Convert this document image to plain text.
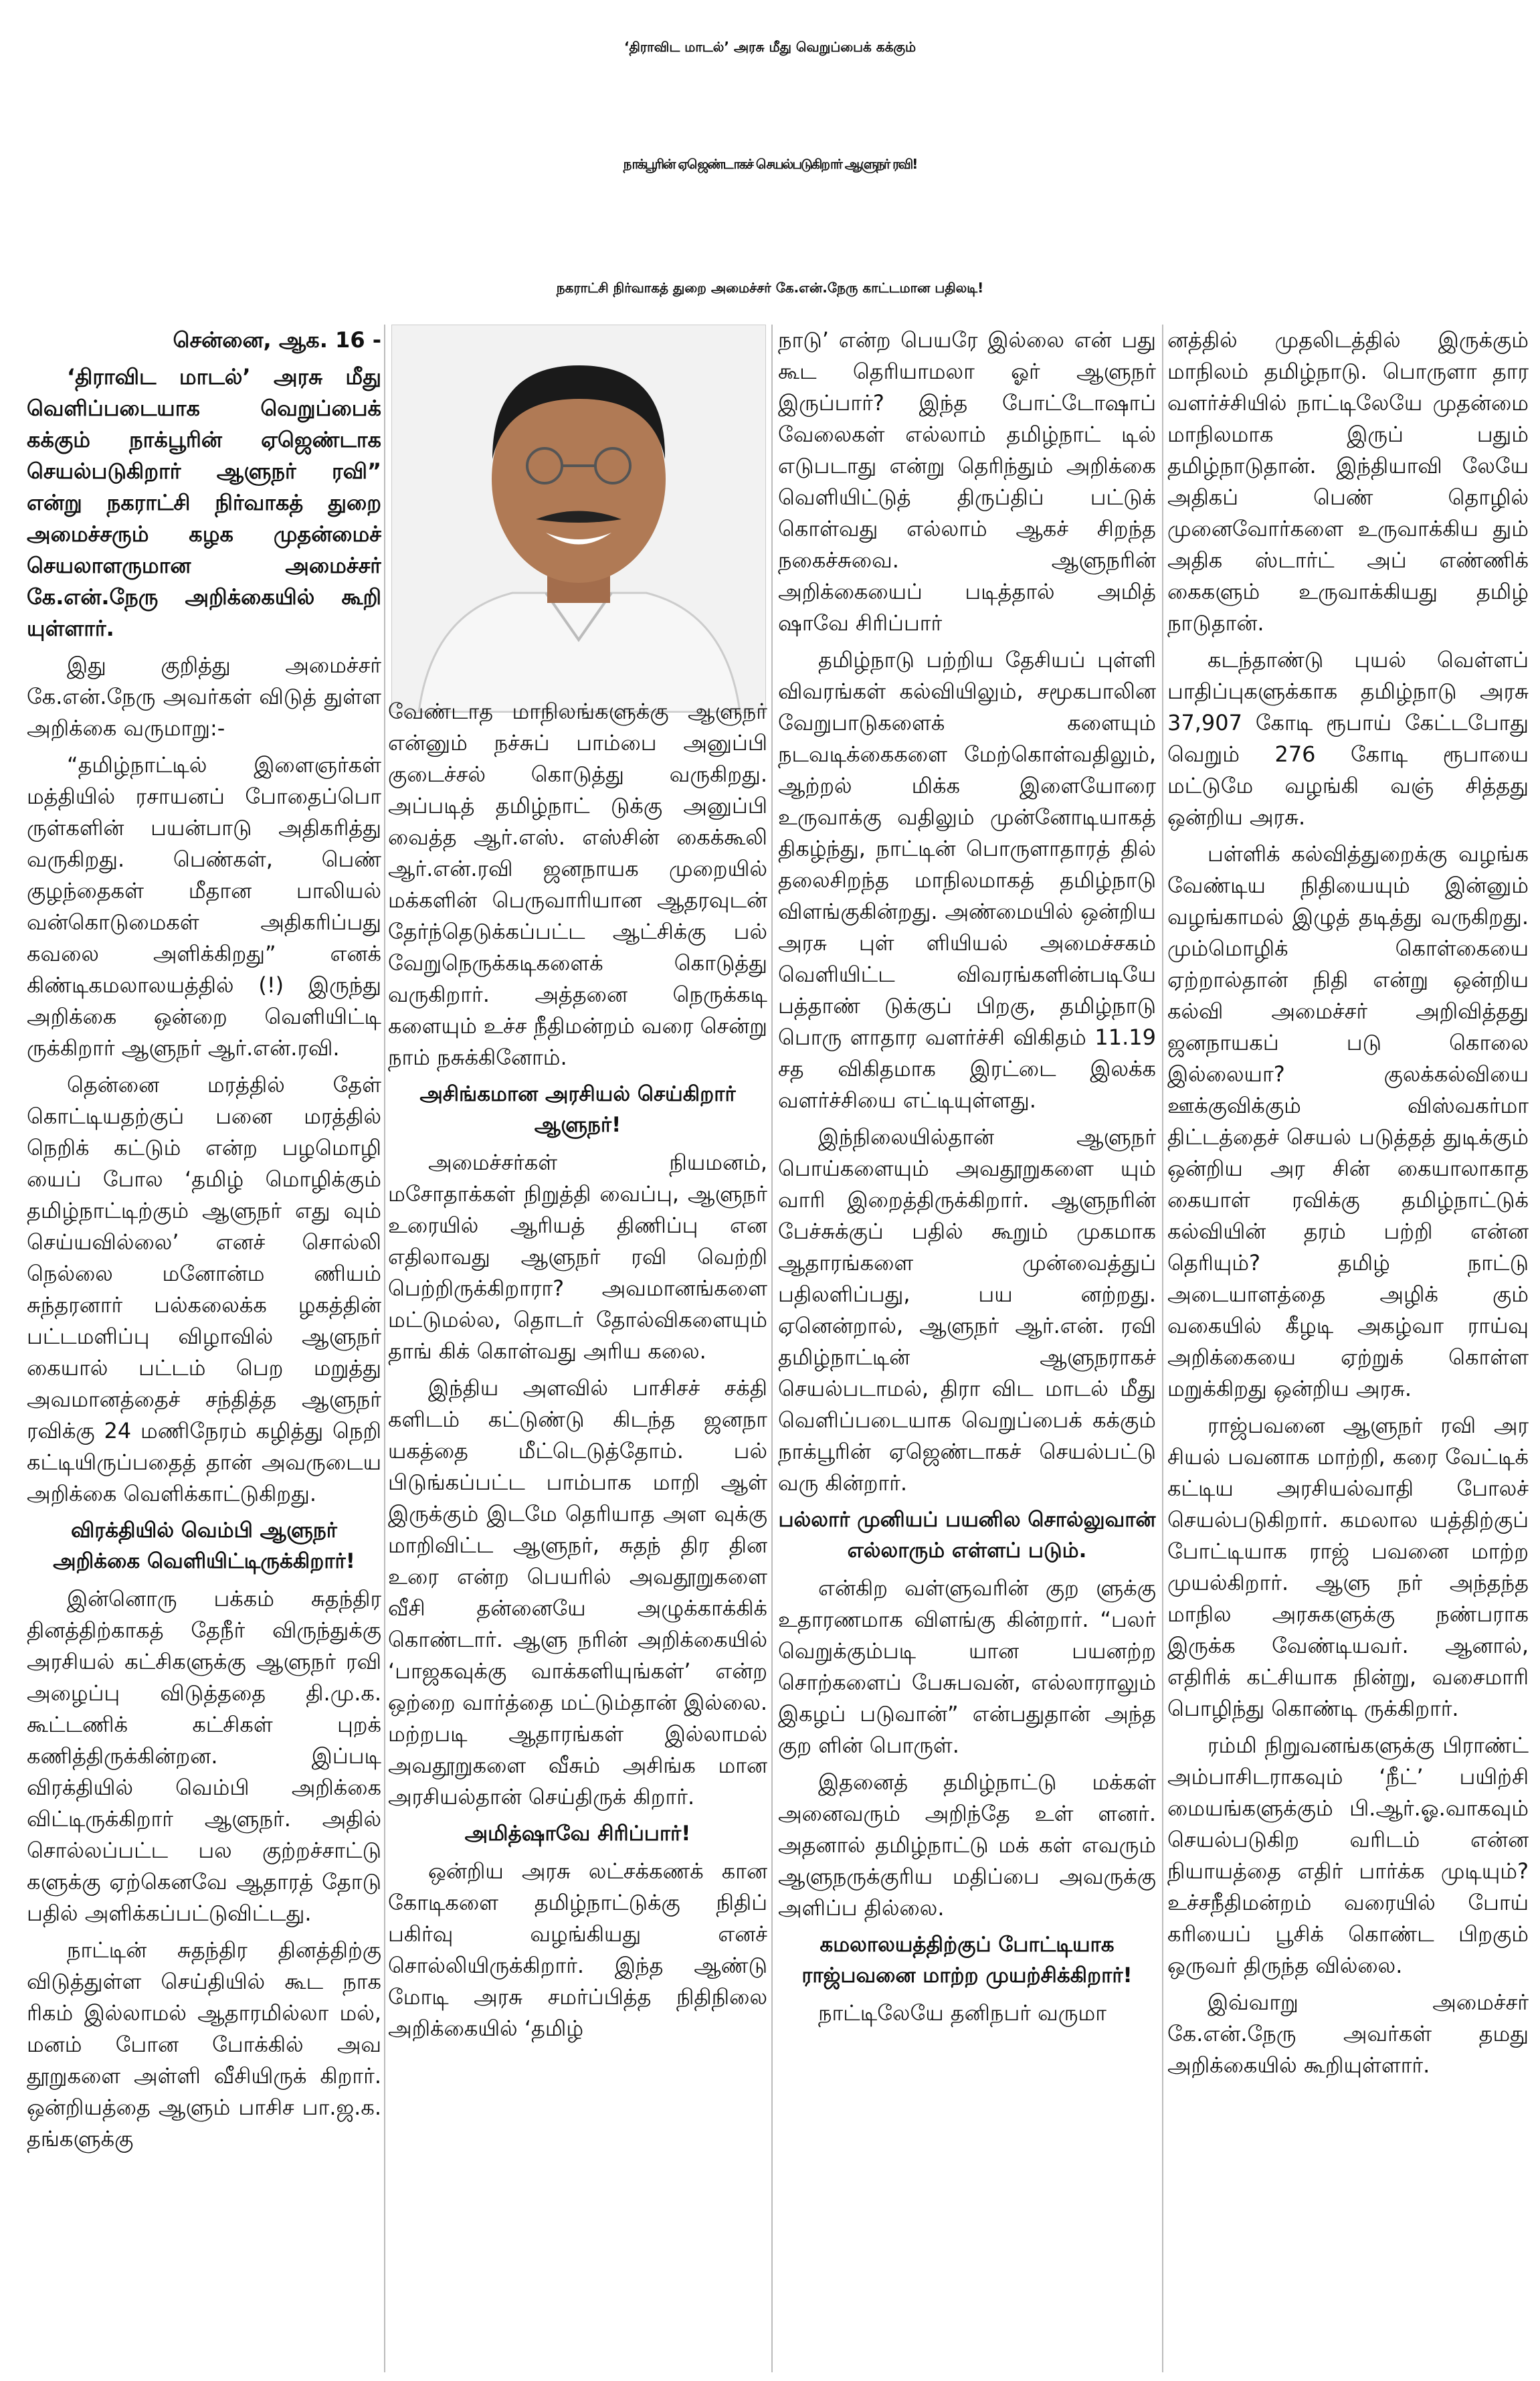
‘திராவிட மாடல்’ அரசு மீது வெறுப்பைக் கக்கும்
நாக்பூரின் ஏஜெண்டாகச் செயல்படுகிறார் ஆளுநர் ரவி!
நகராட்சி நிர்வாகத் துறை அமைச்சர் கே.என்.நேரு காட்டமான பதிலடி!

சென்னை, ஆக. 16 -

‘திராவிட மாடல்’ அரசு மீது வெளிப்படையாக வெறுப்பைக் கக்கும் நாக்பூரின் ஏஜெண்டாக செயல்படுகிறார் ஆளுநர் ரவி” என்று நகராட்சி நிர்வாகத் துறை அமைச்சரும் கழக முதன்மைச் செயலாளருமான அமைச்சர் கே.என்.நேரு அறிக்கையில் கூறி யுள்ளார்.

இது குறித்து அமைச்சர் கே.என்.நேரு அவர்கள் விடுத் துள்ள அறிக்கை வருமாறு:-

“தமிழ்நாட்டில் இளைஞர்கள் மத்தியில் ரசாயனப் போதைப்பொ ருள்களின் பயன்பாடு அதிகரித்து வருகிறது. பெண்கள், பெண் குழந்தைகள் மீதான பாலியல் வன்கொடுமைகள் அதிகரிப்பது கவலை அளிக்கிறது” எனக் கிண்டிகமலாலயத்தில் (!) இருந்து அறிக்கை ஒன்றை வெளியிட்டி ருக்கிறார் ஆளுநர் ஆர்.என்.ரவி.

தென்னை மரத்தில் தேள் கொட்டியதற்குப் பனை மரத்தில் நெறிக் கட்டும் என்ற பழமொழி யைப் போல ‘தமிழ் மொழிக்கும் தமிழ்நாட்டிற்கும் ஆளுநர் எது வும் செய்யவில்லை’ எனச் சொல்லி நெல்லை மனோன்ம ணியம் சுந்தரனார் பல்கலைக்க ழகத்தின் பட்டமளிப்பு விழாவில் ஆளுநர் கையால் பட்டம் பெற மறுத்து அவமானத்தைச் சந்தித்த ஆளுநர் ரவிக்கு 24 மணிநேரம் கழித்து நெறி கட்டியிருப்பதைத் தான் அவருடைய அறிக்கை வெளிக்காட்டுகிறது.

விரக்தியில் வெம்பி ஆளுநர் அறிக்கை வெளியிட்டிருக்கிறார்!

இன்னொரு பக்கம் சுதந்திர தினத்திற்காகத் தேநீர் விருந்துக்கு அரசியல் கட்சிகளுக்கு ஆளுநர் ரவி அழைப்பு விடுத்ததை தி.மு.க. கூட்டணிக் கட்சிகள் புறக் கணித்திருக்கின்றன. இப்படி விரக்தியில் வெம்பி அறிக்கை விட்டிருக்கிறார் ஆளுநர். அதில் சொல்லப்பட்ட பல குற்றச்சாட்டு களுக்கு ஏற்கெனவே ஆதாரத் தோடு பதில் அளிக்கப்பட்டுவிட்டது.

நாட்டின் சுதந்திர தினத்திற்கு விடுத்துள்ள செய்தியில் கூட நாக ரிகம் இல்லாமல் ஆதாரமில்லா மல், மனம் போன போக்கில் அவ தூறுகளை அள்ளி வீசியிருக் கிறார். ஒன்றியத்தை ஆளும் பாசிச பா.ஜ.க. தங்களுக்கு

வேண்டாத மாநிலங்களுக்கு ஆளுநர் என்னும் நச்சுப் பாம்பை அனுப்பி குடைச்சல் கொடுத்து வருகிறது. அப்படித் தமிழ்நாட் டுக்கு அனுப்பி வைத்த ஆர்.எஸ். எஸ்சின் கைக்கூலி ஆர்.என்.ரவி ஜனநாயக முறையில் மக்களின் பெருவாரியான ஆதரவுடன் தேர்ந்தெடுக்கப்பட்ட ஆட்சிக்கு பல் வேறுநெருக்கடிகளைக் கொடுத்து வருகிறார். அத்தனை நெருக்கடி களையும் உச்ச நீதிமன்றம் வரை சென்று நாம் நசுக்கினோம்.

அசிங்கமான அரசியல் செய்கிறார் ஆளுநர்!

அமைச்சர்கள் நியமனம், மசோதாக்கள் நிறுத்தி வைப்பு, ஆளுநர் உரையில் ஆரியத் திணிப்பு என எதிலாவது ஆளுநர் ரவி வெற்றி பெற்றிருக்கிறாரா? அவமானங்களை மட்டுமல்ல, தொடர் தோல்விகளையும் தாங் கிக் கொள்வது அரிய கலை.

இந்திய அளவில் பாசிசச் சக்தி களிடம் கட்டுண்டு கிடந்த ஜனநா யகத்தை மீட்டெடுத்தோம். பல் பிடுங்கப்பட்ட பாம்பாக மாறி ஆள் இருக்கும் இடமே தெரியாத அள வுக்கு மாறிவிட்ட ஆளுநர், சுதந் திர தின உரை என்ற பெயரில் அவதூறுகளை வீசி தன்னையே அழுக்காக்கிக் கொண்டார். ஆளு நரின் அறிக்கையில் ‘பாஜகவுக்கு வாக்களியுங்கள்’ என்ற ஒற்றை வார்த்தை மட்டும்தான் இல்லை. மற்றபடி ஆதாரங்கள் இல்லாமல் அவதூறுகளை வீசும் அசிங்க மான அரசியல்தான் செய்திருக் கிறார்.

அமித்ஷாவே சிரிப்பார்!

ஒன்றிய அரசு லட்சக்கணக் கான கோடிகளை தமிழ்நாட்டுக்கு நிதிப் பகிர்வு வழங்கியது எனச் சொல்லியிருக்கிறார். இந்த ஆண்டு மோடி அரசு சமர்ப்பித்த நிதிநிலை அறிக்கையில் ‘தமிழ்

நாடு’ என்ற பெயரே இல்லை என் பது கூட தெரியாமலா ஓர் ஆளுநர் இருப்பார்? இந்த போட்டோஷாப் வேலைகள் எல்லாம் தமிழ்நாட் டில் எடுபடாது என்று தெரிந்தும் அறிக்கை வெளியிட்டுத் திருப்திப் பட்டுக் கொள்வது எல்லாம் ஆகச் சிறந்த நகைச்சுவை. ஆளுநரின் அறிக்கையைப் படித்தால் அமித் ஷாவே சிரிப்பார்

தமிழ்நாடு பற்றிய தேசியப் புள்ளி விவரங்கள் கல்வியிலும், சமூகபாலின வேறுபாடுகளைக் களையும் நடவடிக்கைகளை மேற்கொள்வதிலும், ஆற்றல் மிக்க இளையோரை உருவாக்கு வதிலும் முன்னோடியாகத் திகழ்ந்து, நாட்டின் பொருளாதாரத் தில் தலைசிறந்த மாநிலமாகத் தமிழ்நாடு விளங்குகின்றது. அண்மையில் ஒன்றிய அரசு புள் ளியியல் அமைச்சகம் வெளியிட்ட விவரங்களின்படியே பத்தாண் டுக்குப் பிறகு, தமிழ்நாடு பொரு ளாதார வளர்ச்சி விகிதம் 11.19 சத விகிதமாக இரட்டை இலக்க வளர்ச்சியை எட்டியுள்ளது.

இந்நிலையில்தான் ஆளுநர் பொய்களையும் அவதூறுகளை யும் வாரி இறைத்திருக்கிறார். ஆளுநரின் பேச்சுக்குப் பதில் கூறும் முகமாக ஆதாரங்களை முன்வைத்துப் பதிலளிப்பது, பய னற்றது. ஏனென்றால், ஆளுநர் ஆர்.என். ரவி தமிழ்நாட்டின் ஆளுநராகச் செயல்படாமல், திரா விட மாடல் மீது வெளிப்படையாக வெறுப்பைக் கக்கும் நாக்பூரின் ஏஜெண்டாகச் செயல்பட்டு வரு கின்றார்.

பல்லார் முனியப் பயனில சொல்லுவான் எல்லாரும் எள்ளப் படும்.

என்கிற வள்ளுவரின் குற ளுக்கு உதாரணமாக விளங்கு கின்றார். “பலர் வெறுக்கும்படி யான பயனற்ற சொற்களைப் பேசுபவன், எல்லாராலும் இகழப் படுவான்” என்பதுதான் அந்த குற ளின் பொருள்.

இதனைத் தமிழ்நாட்டு மக்கள் அனைவரும் அறிந்தே உள் ளனர். அதனால் தமிழ்நாட்டு மக் கள் எவரும் ஆளுநருக்குரிய மதிப்பை அவருக்கு அளிப்ப தில்லை.

கமலாலயத்திற்குப் போட்டியாக ராஜ்பவனை மாற்ற முயற்சிக்கிறார்!

நாட்டிலேயே தனிநபர் வருமா

னத்தில் முதலிடத்தில் இருக்கும் மாநிலம் தமிழ்நாடு. பொருளா தார வளர்ச்சியில் நாட்டிலேயே முதன்மை மாநிலமாக இருப் பதும் தமிழ்நாடுதான். இந்தியாவி லேயே அதிகப் பெண் தொழில் முனைவோர்களை உருவாக்கிய தும் அதிக ஸ்டார்ட் அப் எண்ணிக் கைகளும் உருவாக்கியது தமிழ் நாடுதான்.

கடந்தாண்டு புயல் வெள்ளப் பாதிப்புகளுக்காக தமிழ்நாடு அரசு 37,907 கோடி ரூபாய் கேட்டபோது வெறும் 276 கோடி ரூபாயை மட்டுமே வழங்கி வஞ் சித்தது ஒன்றிய அரசு.

பள்ளிக் கல்வித்துறைக்கு வழங்க வேண்டிய நிதியையும் இன்னும் வழங்காமல் இழுத் தடித்து வருகிறது. மும்மொழிக் கொள்கையை ஏற்றால்தான் நிதி என்று ஒன்றிய கல்வி அமைச்சர் அறிவித்தது ஜனநாயகப் படு கொலை இல்லையா? குலக்கல்வியை ஊக்குவிக்கும் விஸ்வகர்மா திட்டத்தைச் செயல் படுத்தத் துடிக்கும் ஒன்றிய அர சின் கையாலாகாத கையாள் ரவிக்கு தமிழ்நாட்டுக் கல்வியின் தரம் பற்றி என்ன தெரியும்? தமிழ் நாட்டு அடையாளத்தை அழிக் கும் வகையில் கீழடி அகழ்வா ராய்வு அறிக்கையை ஏற்றுக் கொள்ள மறுக்கிறது ஒன்றிய அரசு.

ராஜ்பவனை ஆளுநர் ரவி அர சியல் பவனாக மாற்றி, கரை வேட்டிக் கட்டிய அரசியல்வாதி போலச் செயல்படுகிறார். கமலால யத்திற்குப் போட்டியாக ராஜ் பவனை மாற்ற முயல்கிறார். ஆளு நர் அந்தந்த மாநில அரசுகளுக்கு நண்பராக இருக்க வேண்டியவர். ஆனால், எதிரிக் கட்சியாக நின்று, வசைமாரி பொழிந்து கொண்டி ருக்கிறார்.

ரம்மி நிறுவனங்களுக்கு பிராண்ட் அம்பாசிடராகவும் ‘நீட்’ பயிற்சி மையங்களுக்கும் பி.ஆர்.ஓ.வாகவும் செயல்படுகிற வரிடம் என்ன நியாயத்தை எதிர் பார்க்க முடியும்? உச்சநீதிமன்றம் வரையில் போய் கரியைப் பூசிக் கொண்ட பிறகும் ஒருவர் திருந்த வில்லை.

இவ்வாறு அமைச்சர் கே.என்.நேரு அவர்கள் தமது அறிக்கையில் கூறியுள்ளார்.
